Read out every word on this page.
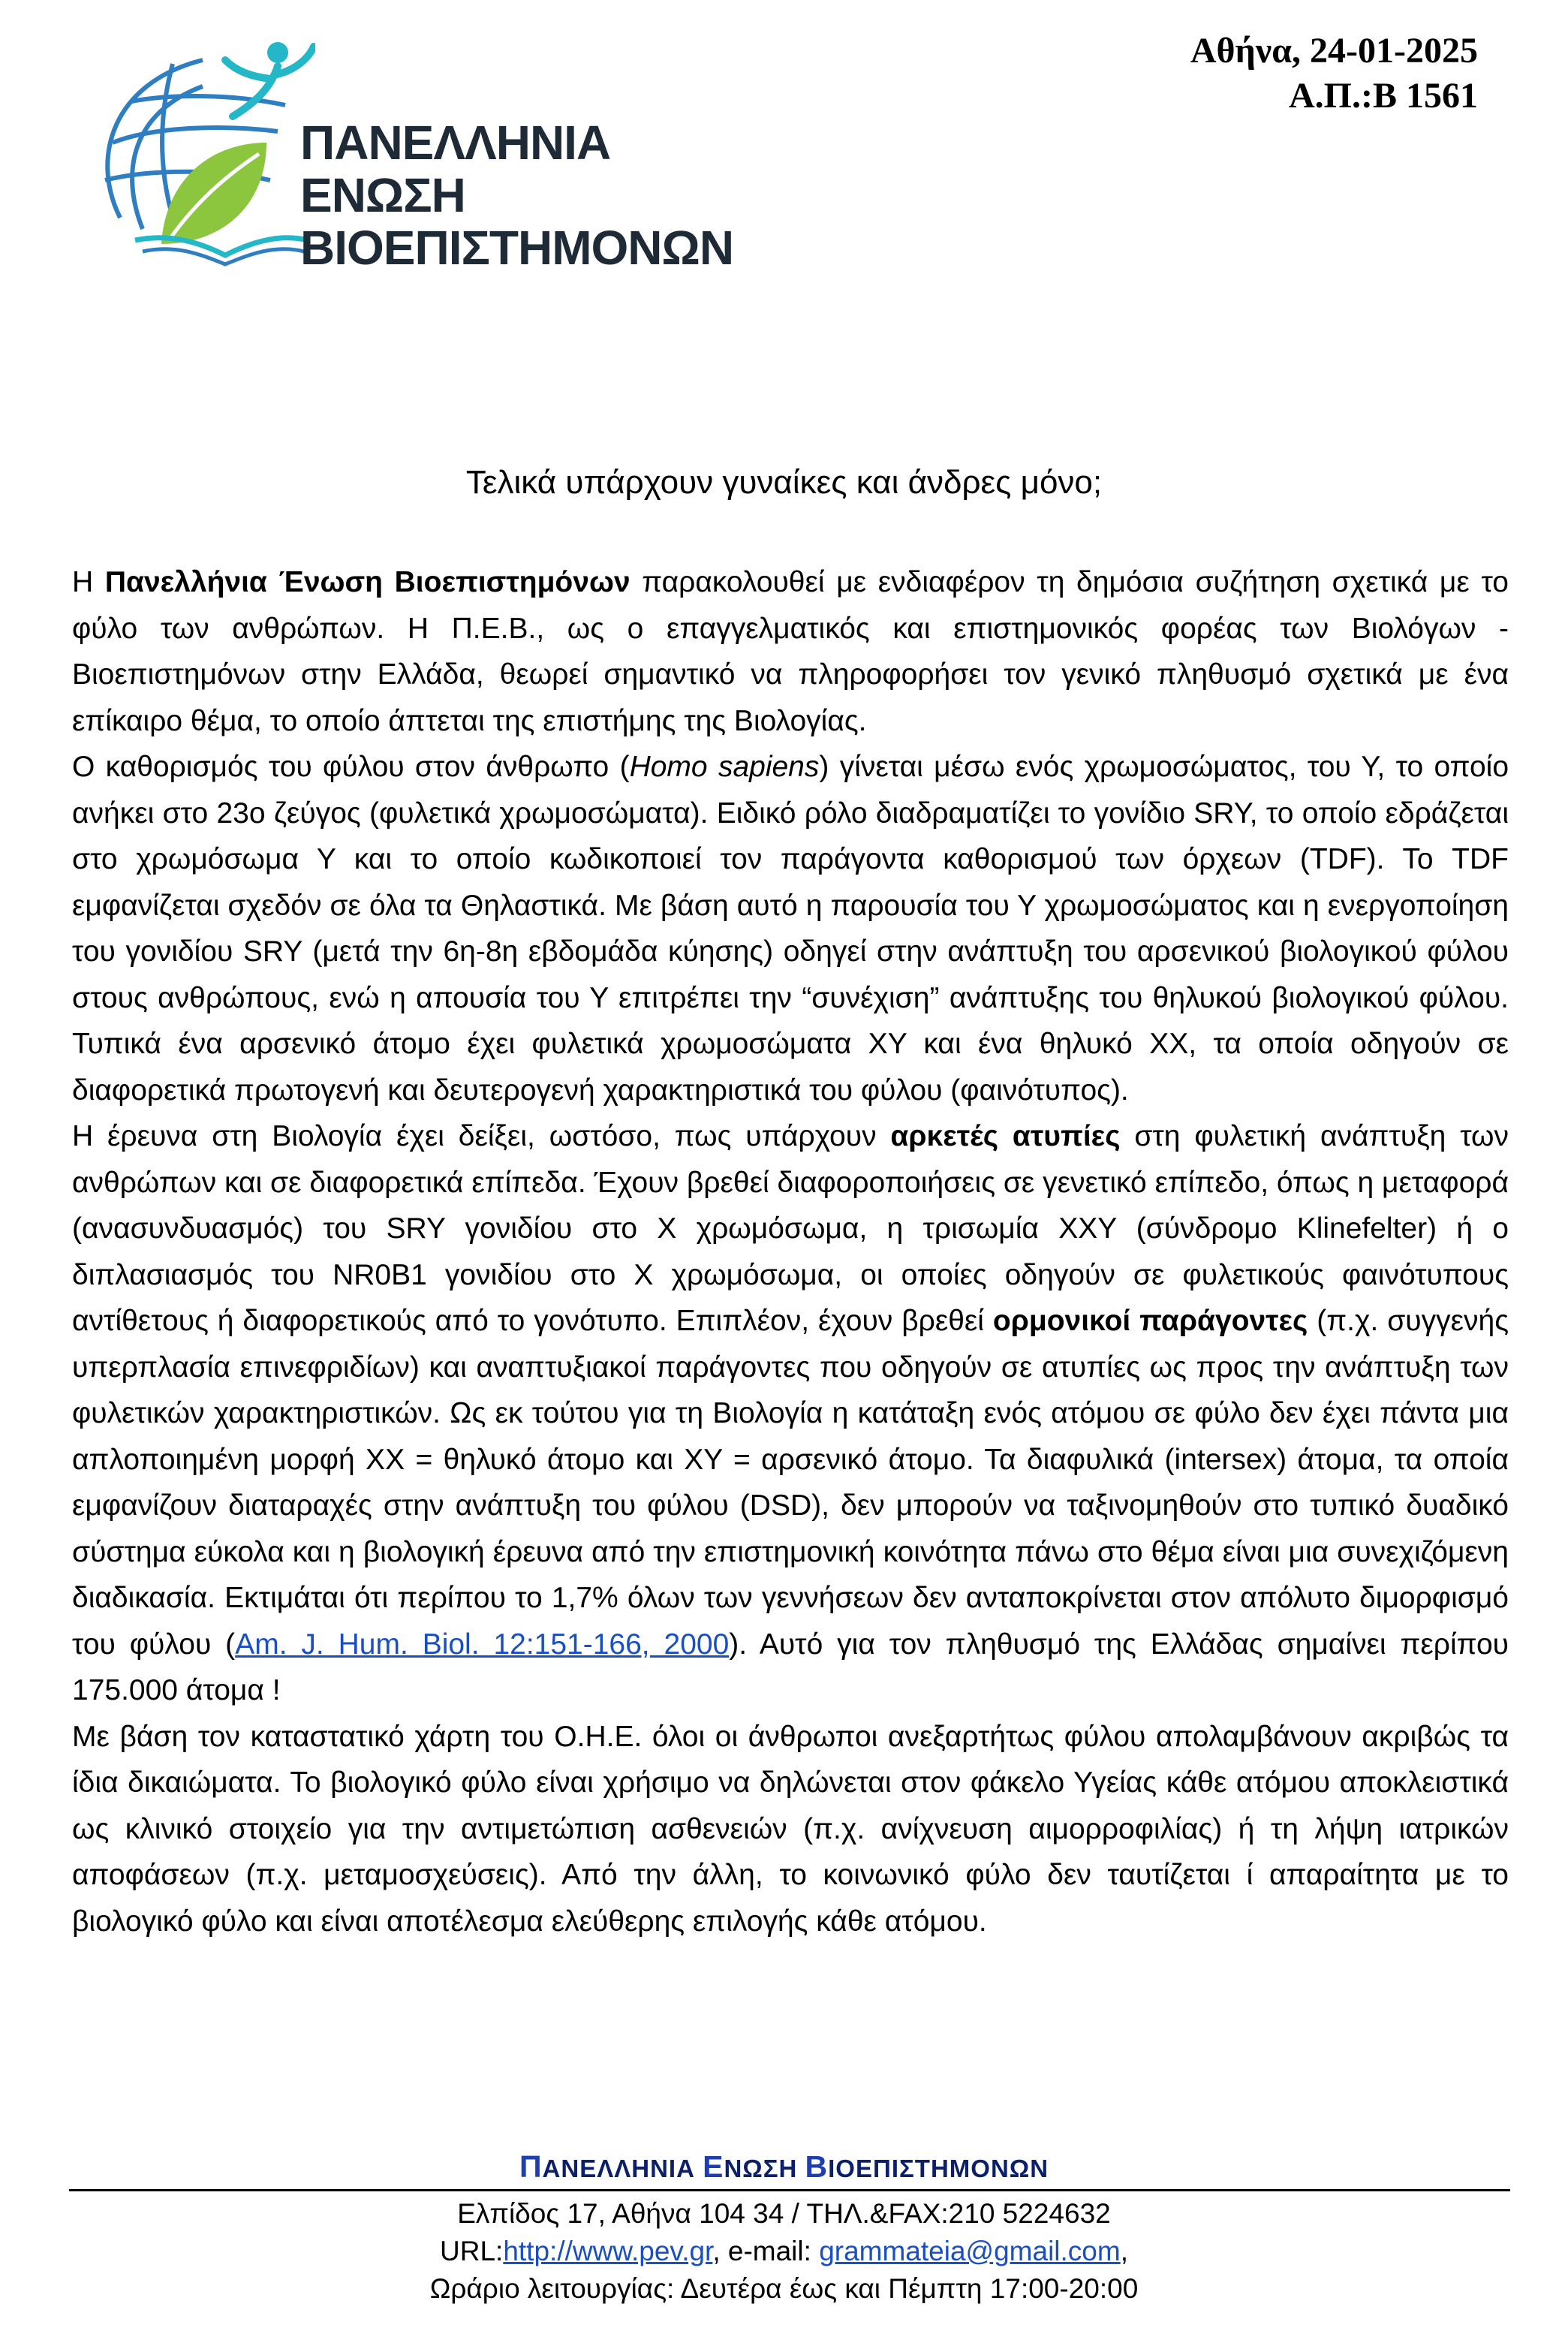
ΠΑΝΕΛΛΗΝΙΑ
ΕΝΩΣΗ
ΒΙΟΕΠΙΣΤΗΜΟΝΩΝ
Αθήνα, 24-01-2025
Α.Π.:Β 1561
Τελικά υπάρχουν γυναίκες και άνδρες μόνο;

Η Πανελλήνια Ένωση Βιοεπιστημόνων παρακολουθεί με ενδιαφέρον τη δημόσια συζήτηση σχετικά με το φύλο των ανθρώπων. Η Π.Ε.Β., ως ο επαγγελματικός και επιστημονικός φορέας των Βιολόγων - Βιοεπιστημόνων στην Ελλάδα, θεωρεί σημαντικό να πληροφορήσει τον γενικό πληθυσμό σχετικά με ένα επίκαιρο θέμα, το οποίο άπτεται της επιστήμης της Βιολογίας.

Ο καθορισμός του φύλου στον άνθρωπο (Homo sapiens) γίνεται μέσω ενός χρωμοσώματος, του Υ, το οποίο ανήκει στο 23ο ζεύγος (φυλετικά χρωμοσώματα). Ειδικό ρόλο διαδραματίζει το γονίδιο SRY, το οποίο εδράζεται στο χρωμόσωμα Υ και το οποίο κωδικοποιεί τον παράγοντα καθορισμού των όρχεων (TDF). Το TDF εμφανίζεται σχεδόν σε όλα τα Θηλαστικά. Με βάση αυτό η παρουσία του Υ χρωμοσώματος και η ενεργοποίηση του γονιδίου SRY (μετά την 6η-8η εβδομάδα κύησης) οδηγεί στην ανάπτυξη του αρσενικού βιολογικού φύλου στους ανθρώπους, ενώ η απουσία του Υ επιτρέπει την “συνέχιση” ανάπτυξης του θηλυκού βιολογικού φύλου. Τυπικά ένα αρσενικό άτομο έχει φυλετικά χρωμοσώματα ΧΥ και ένα θηλυκό ΧΧ, τα οποία οδηγούν σε διαφορετικά πρωτογενή και δευτερογενή χαρακτηριστικά του φύλου (φαινότυπος).

Η έρευνα στη Βιολογία έχει δείξει, ωστόσο, πως υπάρχουν αρκετές ατυπίες στη φυλετική ανάπτυξη των ανθρώπων και σε διαφορετικά επίπεδα. Έχουν βρεθεί διαφοροποιήσεις σε γενετικό επίπεδο, όπως η μεταφορά (ανασυνδυασμός) του SRY γονιδίου στο Χ χρωμόσωμα, η τρισωμία ΧΧΥ (σύνδρομο Klinefelter) ή ο διπλασιασμός του NR0B1 γονιδίου στο Χ χρωμόσωμα, οι οποίες οδηγούν σε φυλετικούς φαινότυπους αντίθετους ή διαφορετικούς από το γονότυπο. Επιπλέον, έχουν βρεθεί ορμονικοί παράγοντες (π.χ. συγγενής υπερπλασία επινεφριδίων) και αναπτυξιακοί παράγοντες που οδηγούν σε ατυπίες ως προς την ανάπτυξη των φυλετικών χαρακτηριστικών. Ως εκ τούτου για τη Βιολογία η κατάταξη ενός ατόμου σε φύλο δεν έχει πάντα μια απλοποιημένη μορφή ΧΧ = θηλυκό άτομο και ΧΥ = αρσενικό άτομο. Τα διαφυλικά (intersex) άτομα, τα οποία εμφανίζουν διαταραχές στην ανάπτυξη του φύλου (DSD), δεν μπορούν να ταξινομηθούν στο τυπικό δυαδικό σύστημα εύκολα και η βιολογική έρευνα από την επιστημονική κοινότητα πάνω στο θέμα είναι μια συνεχιζόμενη διαδικασία. Εκτιμάται ότι περίπου το 1,7% όλων των γεννήσεων δεν ανταποκρίνεται στον απόλυτο διμορφισμό του φύλου (Am. J. Hum. Biol. 12:151-166, 2000). Αυτό για τον πληθυσμό της Ελλάδας σημαίνει περίπου 175.000 άτομα !

Με βάση τον καταστατικό χάρτη του Ο.Η.Ε. όλοι οι άνθρωποι ανεξαρτήτως φύλου απολαμβάνουν ακριβώς τα ίδια δικαιώματα. Το βιολογικό φύλο είναι χρήσιμο να δηλώνεται στον φάκελο Υγείας κάθε ατόμου αποκλειστικά ως κλινικό στοιχείο για την αντιμετώπιση ασθενειών (π.χ. ανίχνευση αιμορροφιλίας) ή τη λήψη ιατρικών αποφάσεων (π.χ. μεταμοσχεύσεις). Από την άλλη, το κοινωνικό φύλο δεν ταυτίζεται ί απαραίτητα με το βιολογικό φύλο και είναι αποτέλεσμα ελεύθερης επιλογής κάθε ατόμου.

ΠΑΝΕΛΛΗΝΙΑ ΕΝΩΣΗ ΒΙΟΕΠΙΣΤΗΜΟΝΩΝ
Ελπίδος 17, Αθήνα 104 34 / ΤΗΛ.&FAX:210 5224632
URL:http://www.pev.gr, e-mail: grammateia@gmail.com,
Ωράριο λειτουργίας: Δευτέρα έως και Πέμπτη 17:00-20:00
